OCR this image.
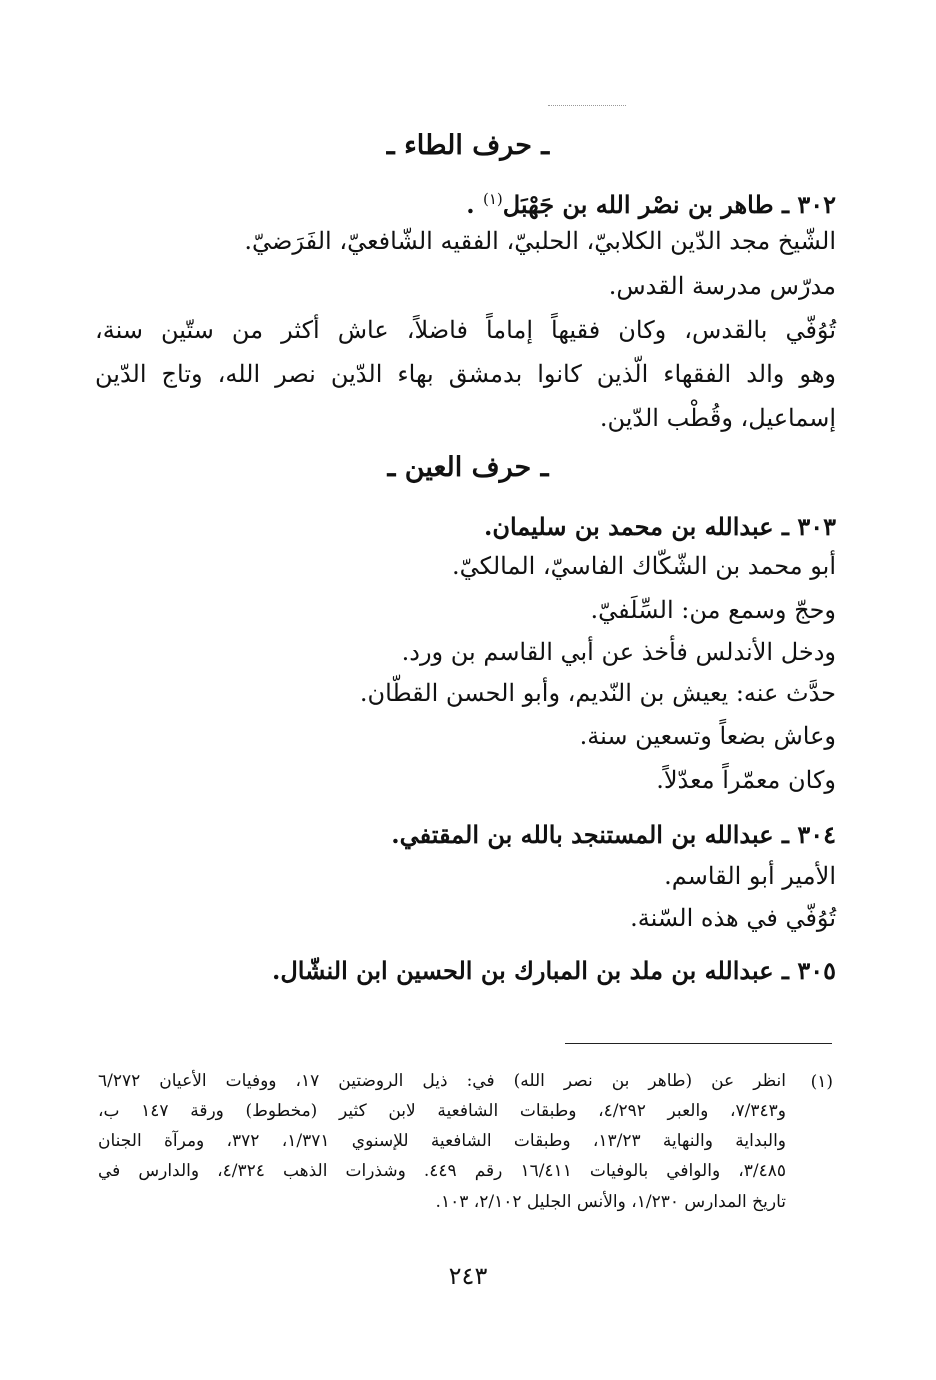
ـ حرف الطاء ـ
٣٠٢ ـ طاهر بن نصْر الله بن جَهْبَل$^{(١)}$ .
الشّيخ مجد الدّين الكلابيّ، الحلبيّ، الفقيه الشّافعيّ، الفَرَضيّ.
مدرّس مدرسة القدس.
تُوُفّي بالقدس، وكان فقيهاً إماماً فاضلاً، عاش أكثر من ستّين سنة،
وهو والد الفقهاء الّذين كانوا بدمشق بهاء الدّين نصر الله، وتاج الدّين
إسماعيل، وقُطْب الدّين.
ـ حرف العين ـ
٣٠٣ ـ عبدالله بن محمد بن سليمان.
أبو محمد بن الشّكّاك الفاسيّ، المالكيّ.
وحجّ وسمع من: السِّلَفيّ.
ودخل الأندلس فأخذ عن أبي القاسم بن ورد.
حدَّث عنه: يعيش بن النّديم، وأبو الحسن القطّان.
وعاش بضعاً وتسعين سنة.
وكان معمّراً معدّلاً.
٣٠٤ ـ عبدالله بن المستنجد بالله بن المقتفي.
الأمير أبو القاسم.
تُوُفّي في هذه السّنة.
٣٠٥ ـ عبدالله بن ملد بن المبارك بن الحسين ابن النشّال.
(١)
انظر عن (طاهر بن نصر الله) في: ذيل الروضتين ١٧، ووفيات الأعيان ٦/٢٧٢
و٧/٣٤٣، والعبر ٤/٢٩٢، وطبقات الشافعية لابن كثير (مخطوط) ورقة ١٤٧ ب،
والبداية والنهاية ١٣/٢٣، وطبقات الشافعية للإسنوي ١/٣٧١، ٣٧٢، ومرآة الجنان
٣/٤٨٥، والوافي بالوفيات ١٦/٤١١ رقم ٤٤٩. وشذرات الذهب ٤/٣٢٤، والدارس في
تاريخ المدارس ١/٢٣٠، والأنس الجليل ٢/١٠٢، ١٠٣.
٢٤٣
